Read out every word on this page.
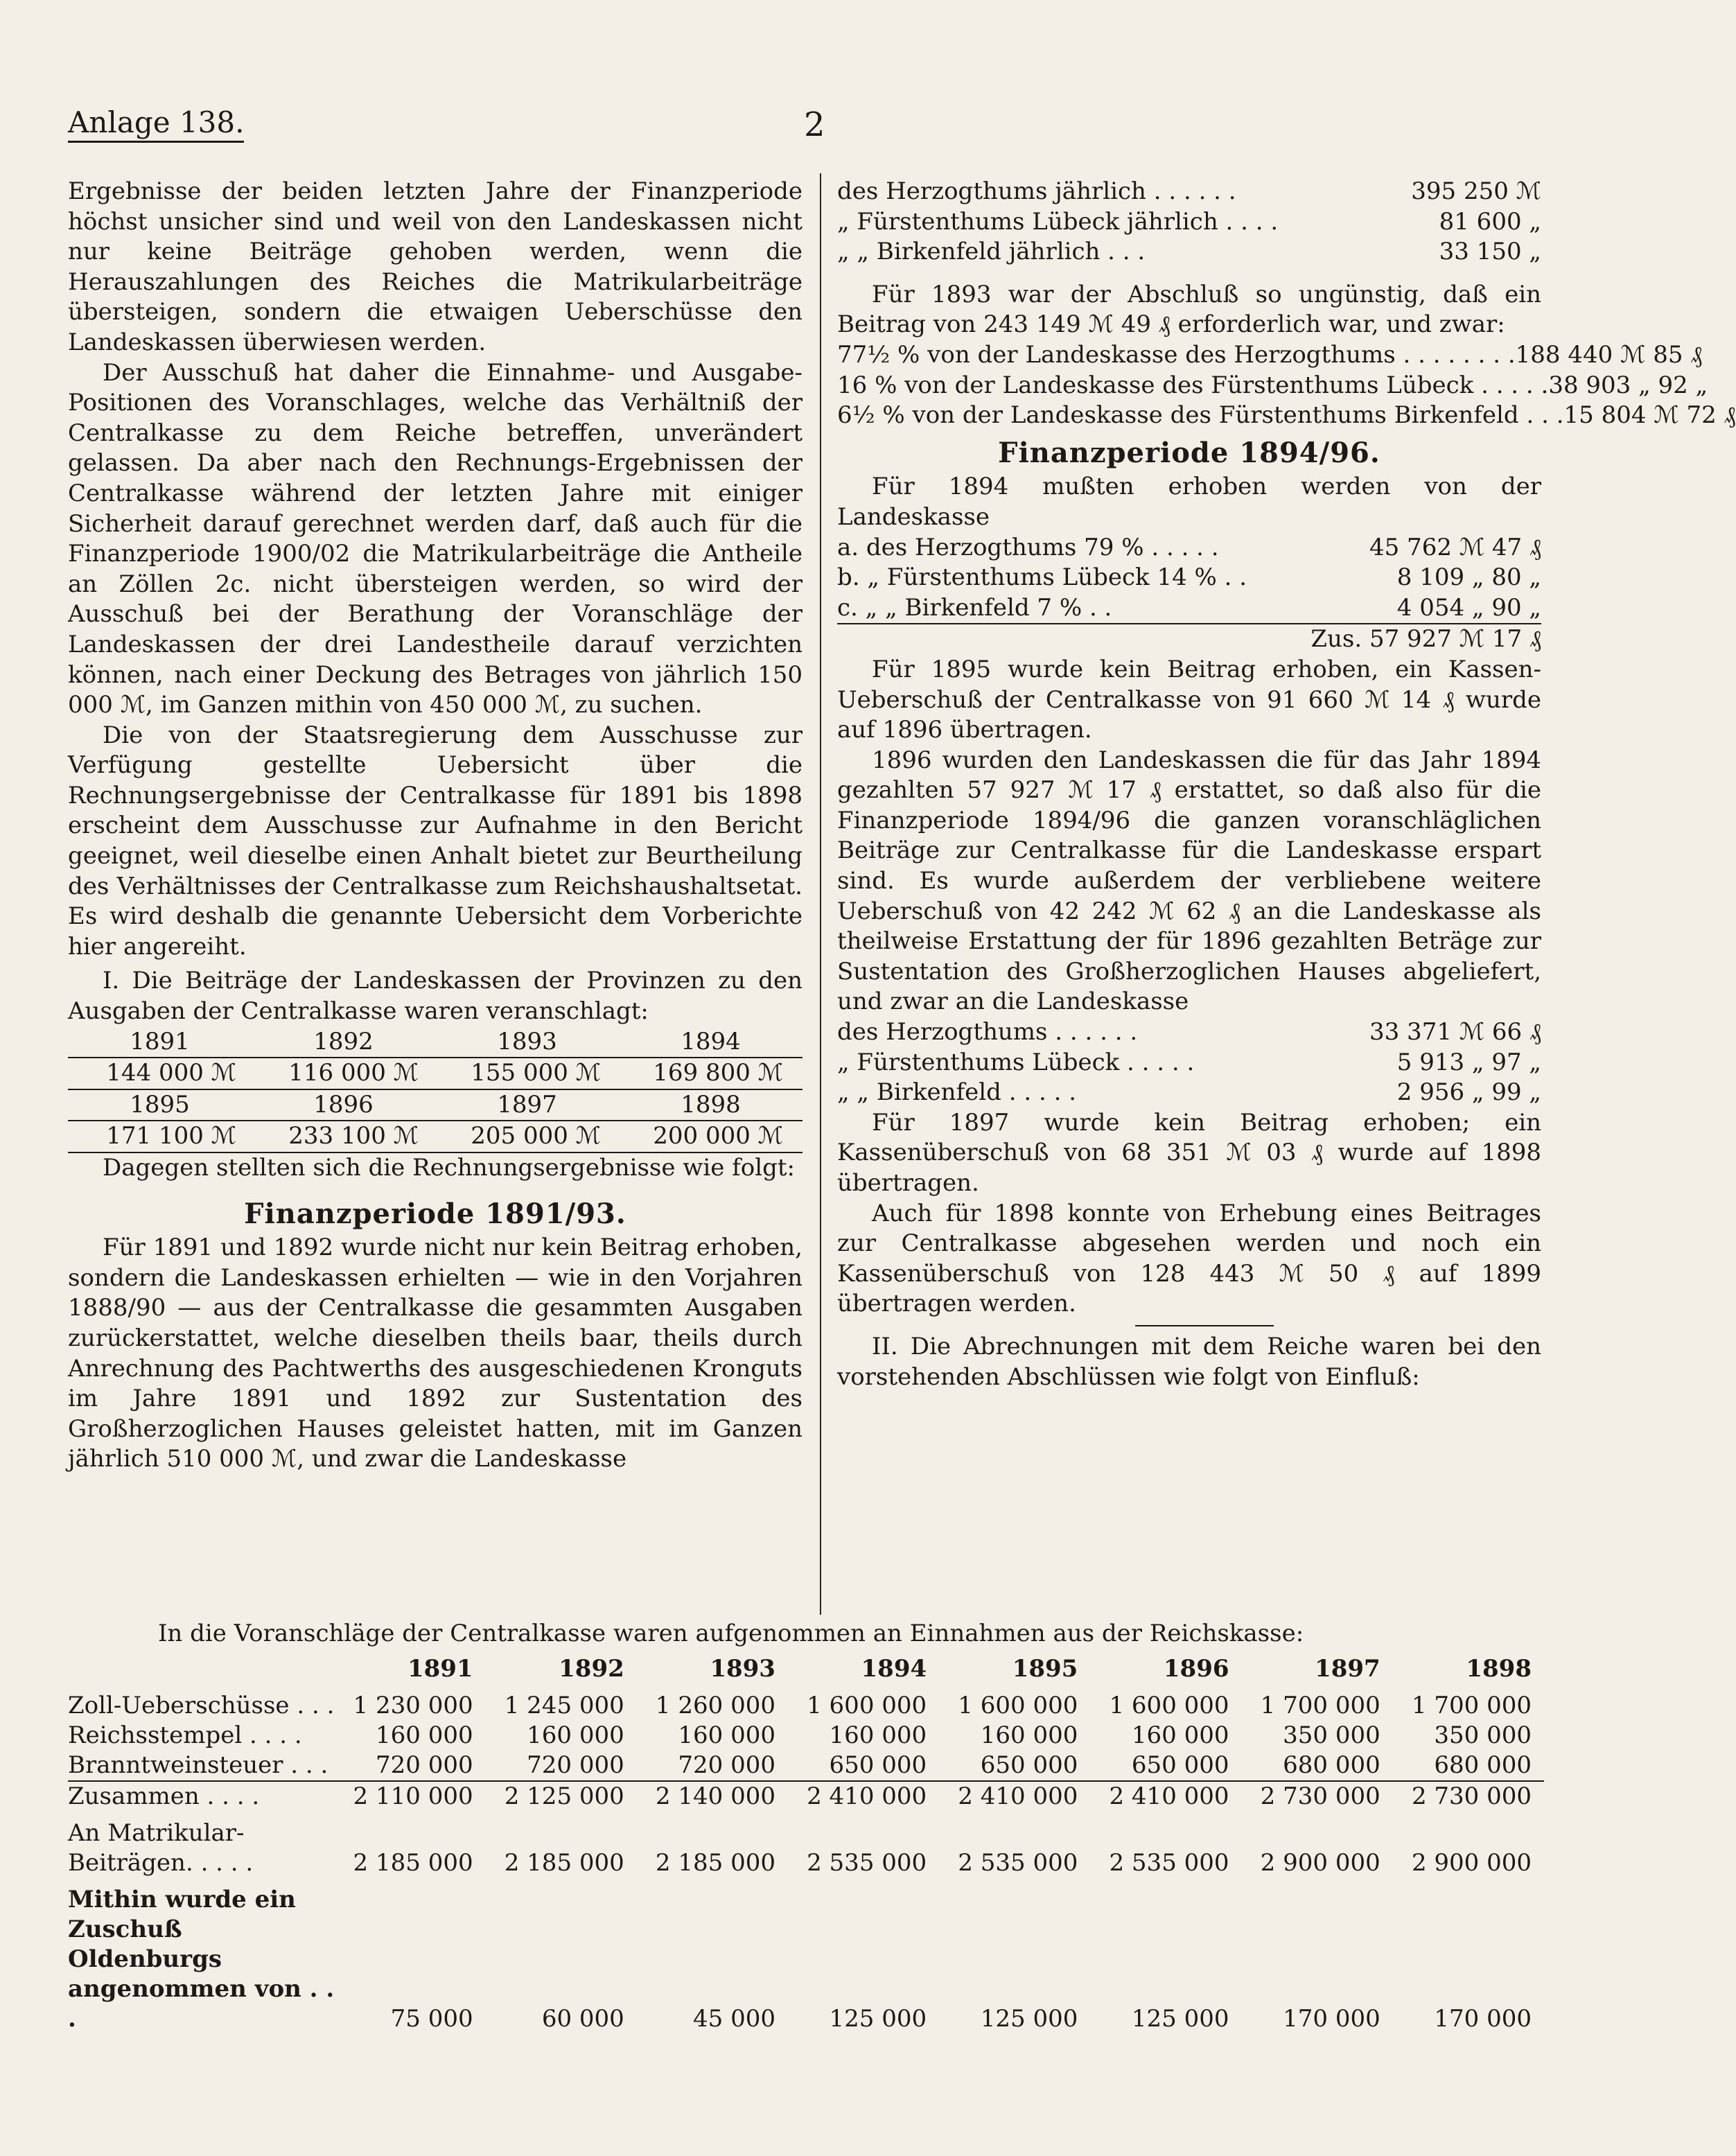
Anlage 138.	2

Ergebnisse der beiden letzten Jahre der Finanzperiode höchst unsicher sind und weil von den Landeskassen nicht nur keine Beiträge gehoben werden, wenn die Herauszahlungen des Reiches die Matrikularbeiträge übersteigen, sondern die etwaigen Ueberschüsse den Landeskassen überwiesen werden.

Der Ausschuß hat daher die Einnahme- und Ausgabe-Positionen des Voranschlages, welche das Verhältniß der Centralkasse zu dem Reiche betreffen, unverändert gelassen. Da aber nach den Rechnungs-Ergebnissen der Centralkasse während der letzten Jahre mit einiger Sicherheit darauf gerechnet werden darf, daß auch für die Finanzperiode 1900/02 die Matrikularbeiträge die Antheile an Zöllen 2c. nicht übersteigen werden, so wird der Ausschuß bei der Berathung der Voranschläge der Landeskassen der drei Landestheile darauf verzichten können, nach einer Deckung des Betrages von jährlich 150 000 ℳ, im Ganzen mithin von 450 000 ℳ, zu suchen.

Die von der Staatsregierung dem Ausschusse zur Verfügung gestellte Uebersicht über die Rechnungsergebnisse der Centralkasse für 1891 bis 1898 erscheint dem Ausschusse zur Aufnahme in den Bericht geeignet, weil dieselbe einen Anhalt bietet zur Beurtheilung des Verhältnisses der Centralkasse zum Reichshaushaltsetat. Es wird deshalb die genannte Uebersicht dem Vorberichte hier angereiht.

I. Die Beiträge der Landeskassen der Provinzen zu den Ausgaben der Centralkasse waren veranschlagt:

1891	1892	1893	1894
144 000 ℳ	116 000 ℳ	155 000 ℳ	169 800 ℳ
1895	1896	1897	1898
171 100 ℳ	233 100 ℳ	205 000 ℳ	200 000 ℳ

Dagegen stellten sich die Rechnungsergebnisse wie folgt:

Finanzperiode 1891/93.

Für 1891 und 1892 wurde nicht nur kein Beitrag erhoben, sondern die Landeskassen erhielten — wie in den Vorjahren 1888/90 — aus der Centralkasse die gesammten Ausgaben zurückerstattet, welche dieselben theils baar, theils durch Anrechnung des Pachtwerths des ausgeschiedenen Kronguts im Jahre 1891 und 1892 zur Sustentation des Großherzoglichen Hauses geleistet hatten, mit im Ganzen jährlich 510 000 ℳ, und zwar die Landeskasse

des Herzogthums jährlich . . . . . .	395 250 ℳ
„ Fürstenthums Lübeck jährlich . . . .	81 600 „
„ „ Birkenfeld jährlich . . .	33 150 „

Für 1893 war der Abschluß so ungünstig, daß ein Beitrag von 243 149 ℳ 49 ₰ erforderlich war, und zwar:

77½ % von der Landeskasse des Herzogthums . . . . . . . . 188 440 ℳ 85 ₰
16 % von der Landeskasse des Fürstenthums Lübeck . . . . . 38 903 „ 92 „
6½ % von der Landeskasse des Fürstenthums Birkenfeld . . . 15 804 ℳ 72 ₰
Finanzperiode 1894/96.

Für 1894 mußten erhoben werden von der Landeskasse

a. des Herzogthums 79 % . . . . .	45 762 ℳ 47 ₰
b. „ Fürstenthums Lübeck 14 % . .	8 109 „ 80 „
c. „ „ Birkenfeld 7 % . .	4 054 „ 90 „
Zus. 57 927 ℳ 17 ₰

Für 1895 wurde kein Beitrag erhoben, ein Kassen-Ueberschuß der Centralkasse von 91 660 ℳ 14 ₰ wurde auf 1896 übertragen.

1896 wurden den Landeskassen die für das Jahr 1894 gezahlten 57 927 ℳ 17 ₰ erstattet, so daß also für die Finanzperiode 1894/96 die ganzen voranschläglichen Beiträge zur Centralkasse für die Landeskasse erspart sind. Es wurde außerdem der verbliebene weitere Ueberschuß von 42 242 ℳ 62 ₰ an die Landeskasse als theilweise Erstattung der für 1896 gezahlten Beträge zur Sustentation des Großherzoglichen Hauses abgeliefert, und zwar an die Landeskasse

des Herzogthums . . . . . .	33 371 ℳ 66 ₰
„ Fürstenthums Lübeck . . . . .	5 913 „ 97 „
„ „ Birkenfeld . . . . .	2 956 „ 99 „

Für 1897 wurde kein Beitrag erhoben; ein Kassenüberschuß von 68 351 ℳ 03 ₰ wurde auf 1898 übertragen.

Auch für 1898 konnte von Erhebung eines Beitrages zur Centralkasse abgesehen werden und noch ein Kassenüberschuß von 128 443 ℳ 50 ₰ auf 1899 übertragen werden.

II. Die Abrechnungen mit dem Reiche waren bei den vorstehenden Abschlüssen wie folgt von Einfluß:

In die Voranschläge der Centralkasse waren aufgenommen an Einnahmen aus der Reichskasse:

	1891	1892	1893	1894	1895	1896	1897	1898
Zoll-Ueberschüsse . . .	1 230 000	1 245 000	1 260 000	1 600 000	1 600 000	1 600 000	1 700 000	1 700 000
Reichsstempel . . . .	160 000	160 000	160 000	160 000	160 000	160 000	350 000	350 000
Branntweinsteuer . . .	720 000	720 000	720 000	650 000	650 000	650 000	680 000	680 000
Zusammen . . . .	2 110 000	2 125 000	2 140 000	2 410 000	2 410 000	2 410 000	2 730 000	2 730 000
An Matrikular-Beiträgen. . . . .	2 185 000	2 185 000	2 185 000	2 535 000	2 535 000	2 535 000	2 900 000	2 900 000
Mithin wurde ein Zuschuß Oldenburgs angenommen von . . .	75 000	60 000	45 000	125 000	125 000	125 000	170 000	170 000
